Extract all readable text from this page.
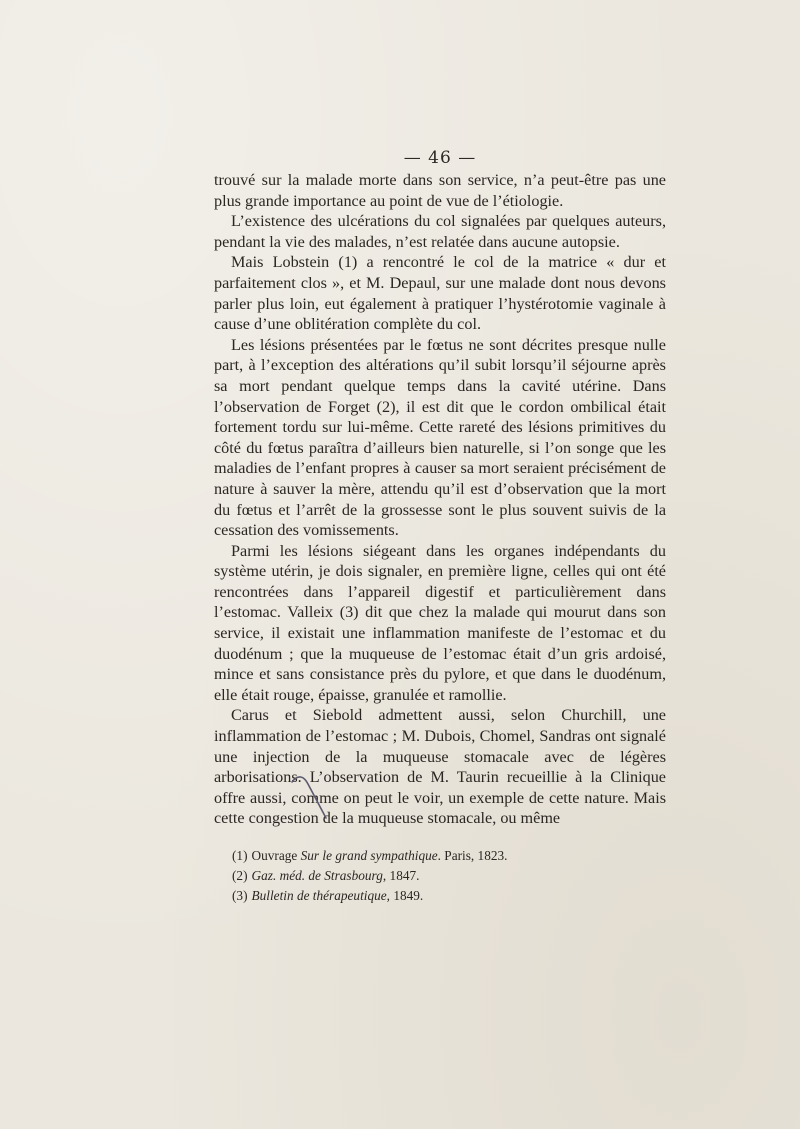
— 46 —

trouvé sur la malade morte dans son service, n’a peut-être pas une plus grande importance au point de vue de l’étiologie.

L’existence des ulcérations du col signalées par quelques auteurs, pendant la vie des malades, n’est relatée dans aucune autopsie.

Mais Lobstein (1) a rencontré le col de la matrice « dur et parfaitement clos », et M. Depaul, sur une malade dont nous devons parler plus loin, eut également à pratiquer l’hystérotomie vaginale à cause d’une oblitération complète du col.

Les lésions présentées par le fœtus ne sont décrites presque nulle part, à l’exception des altérations qu’il subit lorsqu’il séjourne après sa mort pendant quelque temps dans la cavité utérine. Dans l’observation de Forget (2), il est dit que le cordon ombilical était fortement tordu sur lui-même. Cette rareté des lésions primitives du côté du fœtus paraîtra d’ailleurs bien naturelle, si l’on songe que les maladies de l’enfant propres à causer sa mort seraient précisément de nature à sauver la mère, attendu qu’il est d’observation que la mort du fœtus et l’arrêt de la grossesse sont le plus souvent suivis de la cessation des vomissements.

Parmi les lésions siégeant dans les organes indépendants du système utérin, je dois signaler, en première ligne, celles qui ont été rencontrées dans l’appareil digestif et particulièrement dans l’estomac. Valleix (3) dit que chez la malade qui mourut dans son service, il existait une inflammation manifeste de l’estomac et du duodénum ; que la muqueuse de l’estomac était d’un gris ardoisé, mince et sans consistance près du pylore, et que dans le duodénum, elle était rouge, épaisse, granulée et ramollie.

Carus et Siebold admettent aussi, selon Churchill, une inflammation de l’estomac ; M. Dubois, Chomel, Sandras ont signalé une injection de la muqueuse stomacale avec de légères arborisations. L’observation de M. Taurin recueillie à la Clinique offre aussi, comme on peut le voir, un exemple de cette nature. Mais cette congestion de la muqueuse stomacale, ou même

(1) Ouvrage Sur le grand sympathique. Paris, 1823.

(2) Gaz. méd. de Strasbourg, 1847.

(3) Bulletin de thérapeutique, 1849.
